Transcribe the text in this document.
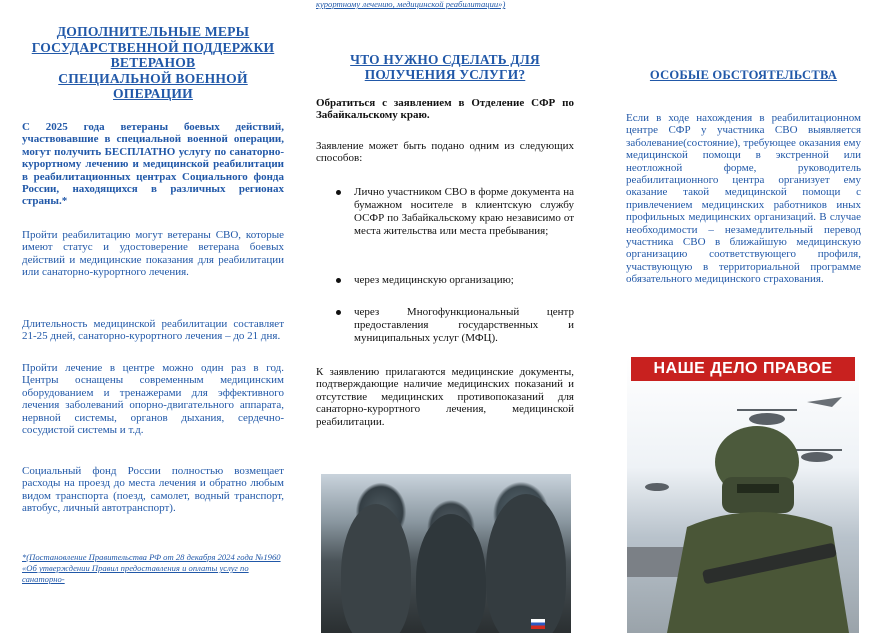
ДОПОЛНИТЕЛЬНЫЕ МЕРЫ
ГОСУДАРСТВЕННОЙ ПОДДЕРЖКИ
ВЕТЕРАНОВ
СПЕЦИАЛЬНОЙ ВОЕННОЙ
ОПЕРАЦИИ

С 2025 года ветераны боевых действий, участвовавшие в специальной военной операции, могут получить БЕСПЛАТНО услугу по санаторно-курортному лечению и медицинской реабилитации в реабилитационных центрах Социального фонда России, находящихся в различных регионах страны.*

Пройти реабилитацию могут ветераны СВО, которые имеют статус и удостоверение ветерана боевых действий и медицинские показания для реабилитации или санаторно-курортного лечения.

Длительность медицинской реабилитации составляет 21-25 дней, санаторно-курортного лечения – до 21 дня.

Пройти лечение в центре можно один раз в год. Центры оснащены современным медицинским оборудованием и тренажерами для эффективного лечения заболеваний опорно-двигательного аппарата, нервной системы, органов дыхания, сердечно-сосудистой системы и т.д.

Социальный фонд России полностью возмещает расходы на проезд до места лечения и обратно любым видом транспорта (поезд, самолет, водный транспорт, автобус, личный автотранспорт).

*(Постановление Правительства РФ от 28 декабря 2024 года №1960 «Об утверждении Правил предоставления и оплаты услуг по санаторно-

курортному лечению, медицинской реабилитации»)

ЧТО НУЖНО СДЕЛАТЬ ДЛЯ
ПОЛУЧЕНИЯ УСЛУГИ?

Обратиться с заявлением в Отделение СФР по Забайкальскому краю.

Заявление может быть подано одним из следующих способов:

Лично участником СВО в форме документа на бумажном носителе в клиентскую службу ОСФР по Забайкальскому краю независимо от места жительства или места пребывания;
через медицинскую организацию;
через Многофункциональный центр предоставления государственных и муниципальных услуг (МФЦ).

К заявлению прилагаются медицинские документы, подтверждающие наличие медицинских показаний и отсутствие медицинских противопоказаний для санаторно-курортного лечения, медицинской реабилитации.

ОСОБЫЕ ОБСТОЯТЕЛЬСТВА

Если в ходе нахождения в реабилитационном центре СФР у участника СВО выявляется заболевание(состояние), требующее оказания ему медицинской помощи в экстренной или неотложной форме, руководитель реабилитационного центра организует ему оказание такой медицинской помощи с привлечением медицинских работников иных профильных медицинских организаций. В случае необходимости – незамедлительный перевод участника СВО в ближайшую медицинскую организацию соответствующего профиля, участвующую в территориальной программе обязательного медицинского страхования.

НАШЕ ДЕЛО ПРАВОЕ
